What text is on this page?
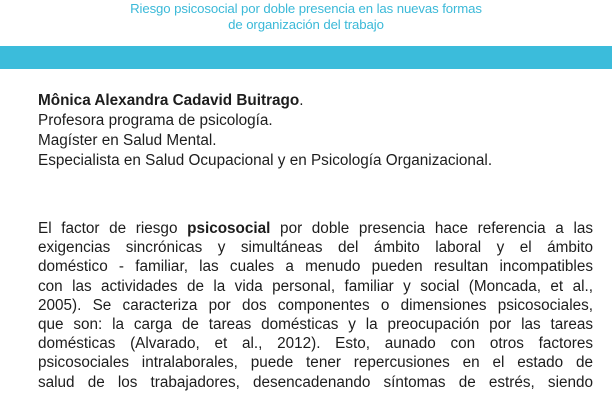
Riesgo psicosocial por doble presencia en las nuevas formas
de organización del trabajo
Mônica Alexandra Cadavid Buitrago.
Profesora programa de psicología.
Magíster en Salud Mental.
Especialista en Salud Ocupacional y en Psicología Organizacional.
El factor de riesgo psicosocial por doble presencia hace referencia a las
exigencias sincrónicas y simultáneas del ámbito laboral y el ámbito
doméstico - familiar, las cuales a menudo pueden resultan incompatibles
con las actividades de la vida personal, familiar y social (Moncada, et al.,
2005). Se caracteriza por dos componentes o dimensiones psicosociales,
que son: la carga de tareas domésticas y la preocupación por las tareas
domésticas (Alvarado, et al., 2012). Esto, aunado con otros factores
psicosociales intralaborales, puede tener repercusiones en el estado de
salud de los trabajadores, desencadenando síntomas de estrés, siendo
